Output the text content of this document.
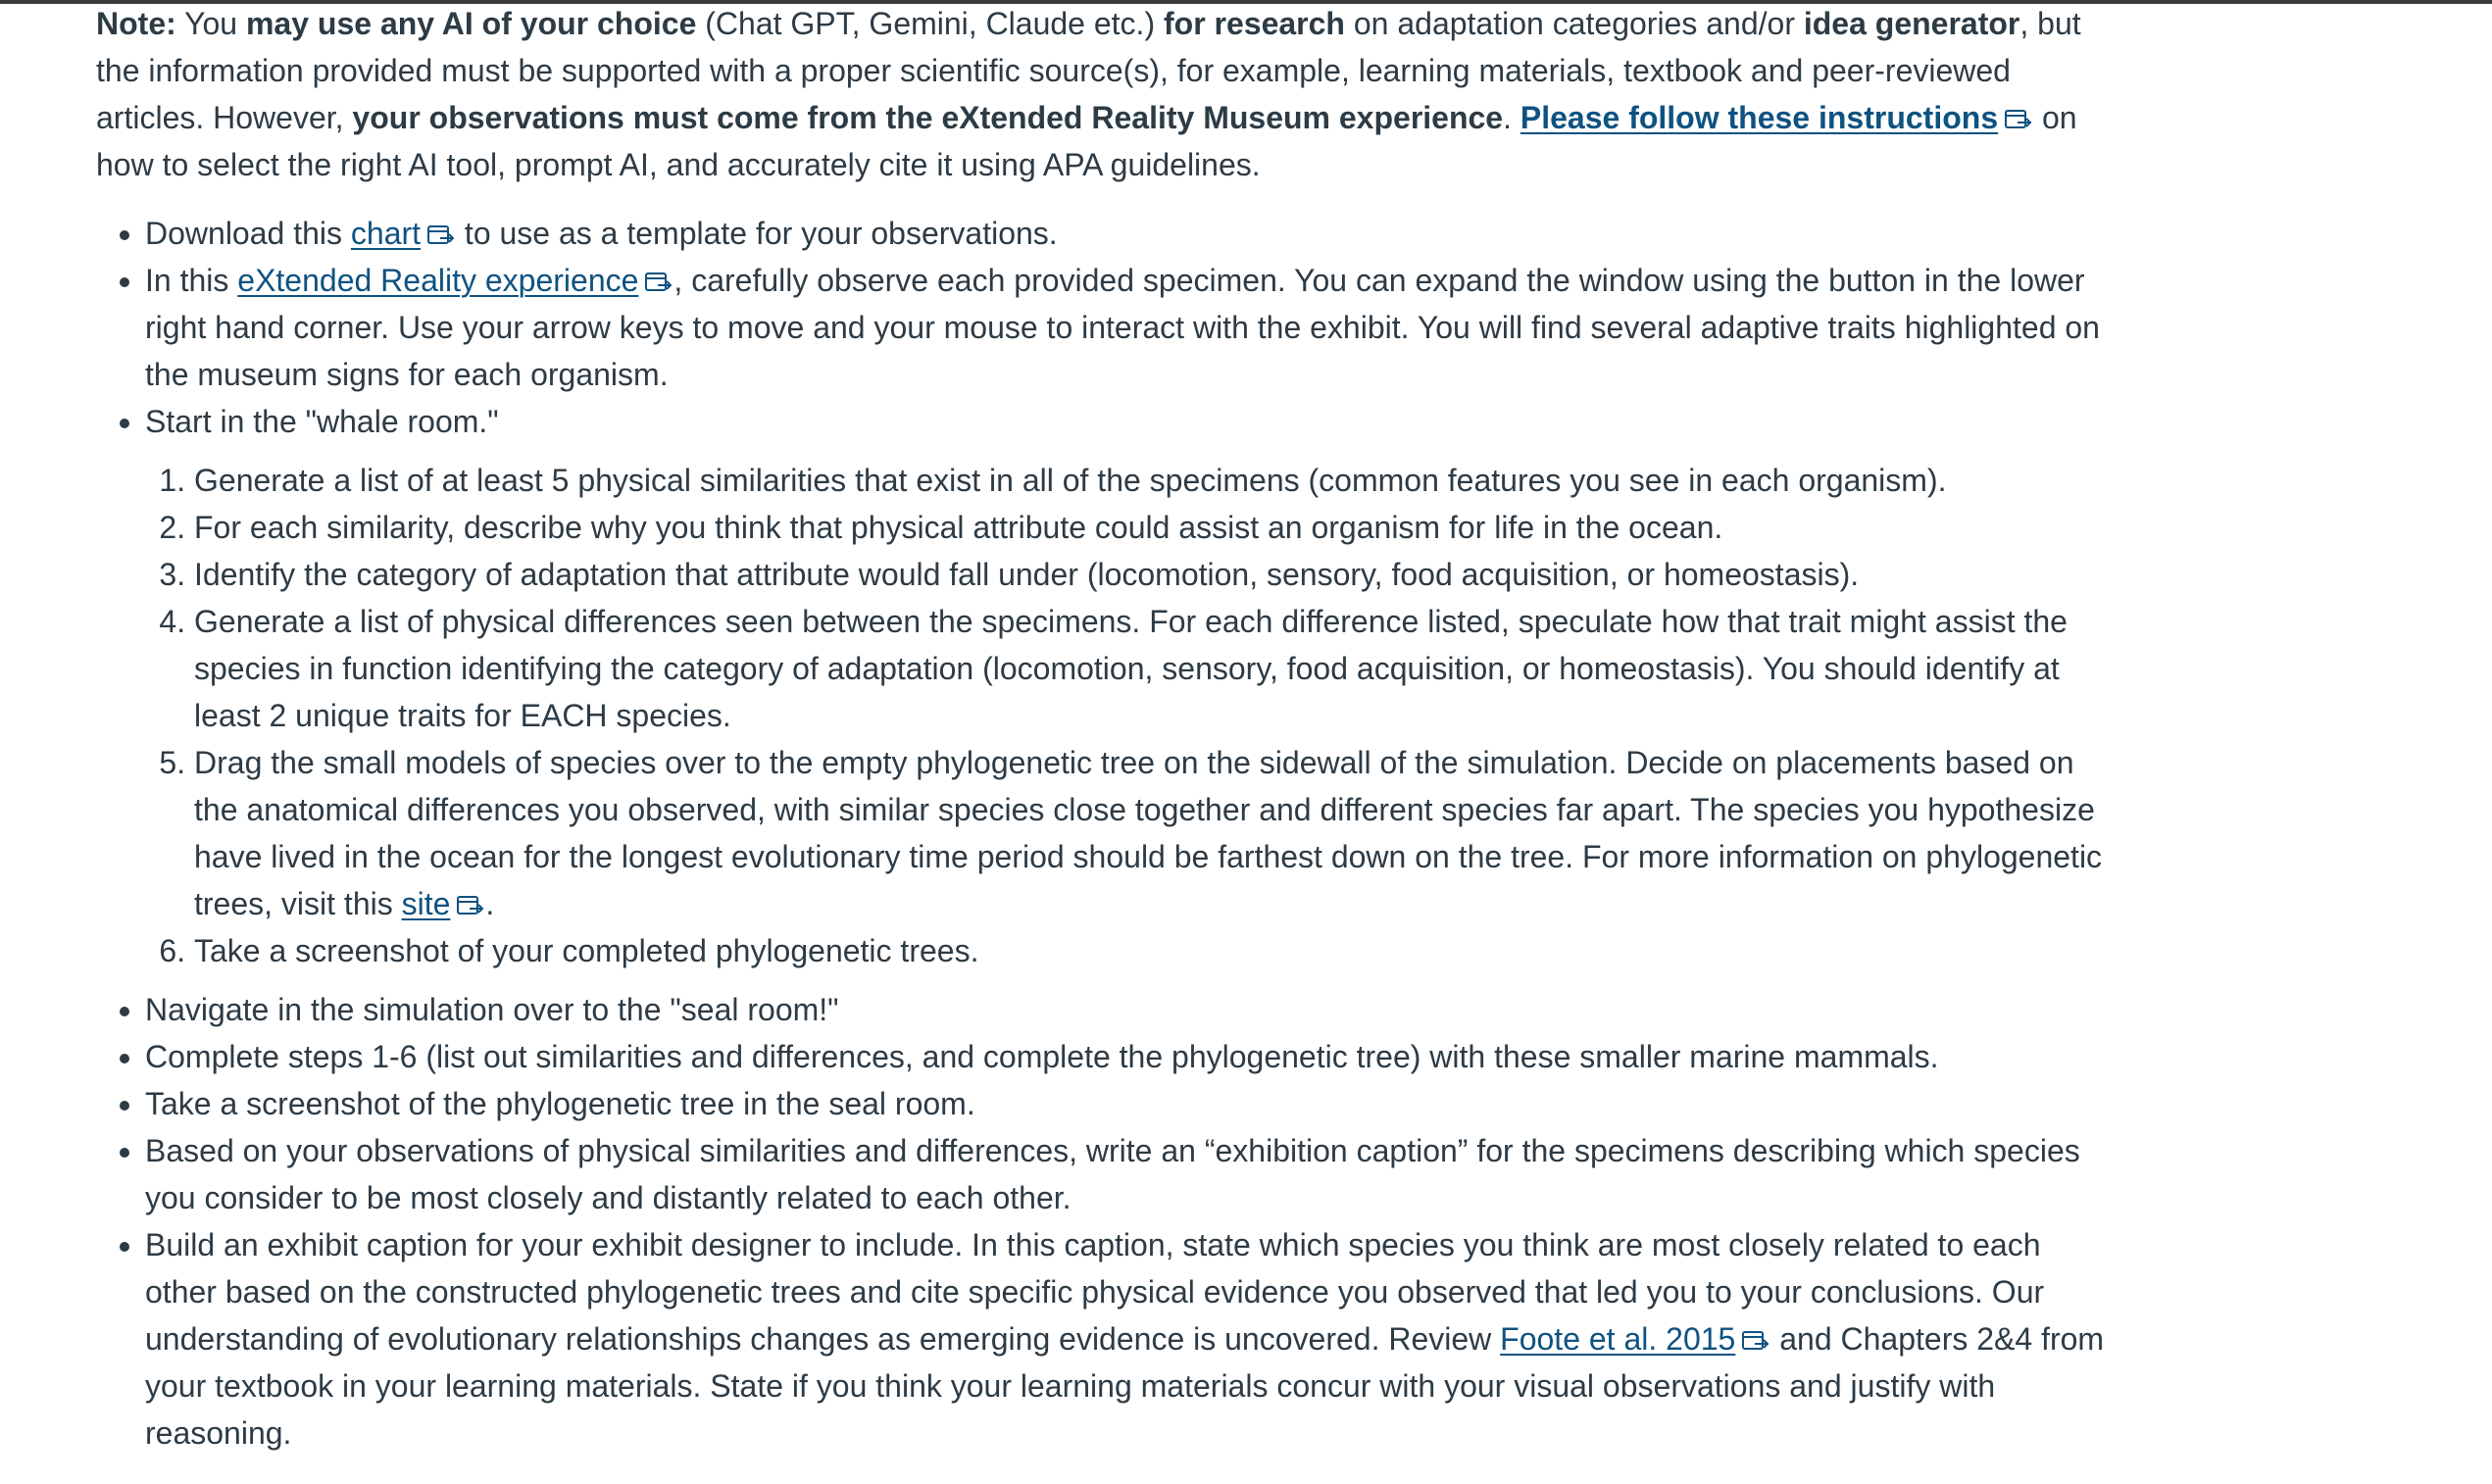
Note: You may use any AI of your choice (Chat GPT, Gemini, Claude etc.) for research on adaptation categories and/or idea generator, but the information provided must be supported with a proper scientific source(s), for example, learning materials, textbook and peer-reviewed articles. However, your observations must come from the eXtended Reality Museum experience. Please follow these instructions on how to select the right AI tool, prompt AI, and accurately cite it using APA guidelines.

• Download this chart to use as a template for your observations.
• In this eXtended Reality experience , carefully observe each provided specimen. You can expand the window using the button in the lower right hand corner. Use your arrow keys to move and your mouse to interact with the exhibit. You will find several adaptive traits highlighted on the museum signs for each organism.
• Start in the "whale room."
1. Generate a list of at least 5 physical similarities that exist in all of the specimens (common features you see in each organism).
2. For each similarity, describe why you think that physical attribute could assist an organism for life in the ocean.
3. Identify the category of adaptation that attribute would fall under (locomotion, sensory, food acquisition, or homeostasis).
4. Generate a list of physical differences seen between the specimens. For each difference listed, speculate how that trait might assist the species in function identifying the category of adaptation (locomotion, sensory, food acquisition, or homeostasis). You should identify at least 2 unique traits for EACH species.
5. Drag the small models of species over to the empty phylogenetic tree on the sidewall of the simulation. Decide on placements based on the anatomical differences you observed, with similar species close together and different species far apart. The species you hypothesize have lived in the ocean for the longest evolutionary time period should be farthest down on the tree. For more information on phylogenetic trees, visit this site .
6. Take a screenshot of your completed phylogenetic trees.
• Navigate in the simulation over to the "seal room!"
• Complete steps 1-6 (list out similarities and differences, and complete the phylogenetic tree) with these smaller marine mammals.
• Take a screenshot of the phylogenetic tree in the seal room.
• Based on your observations of physical similarities and differences, write an “exhibition caption” for the specimens describing which species you consider to be most closely and distantly related to each other.
• Build an exhibit caption for your exhibit designer to include. In this caption, state which species you think are most closely related to each other based on the constructed phylogenetic trees and cite specific physical evidence you observed that led you to your conclusions. Our understanding of evolutionary relationships changes as emerging evidence is uncovered. Review Foote et al. 2015 and Chapters 2&4 from your textbook in your learning materials. State if you think your learning materials concur with your visual observations and justify with reasoning.
